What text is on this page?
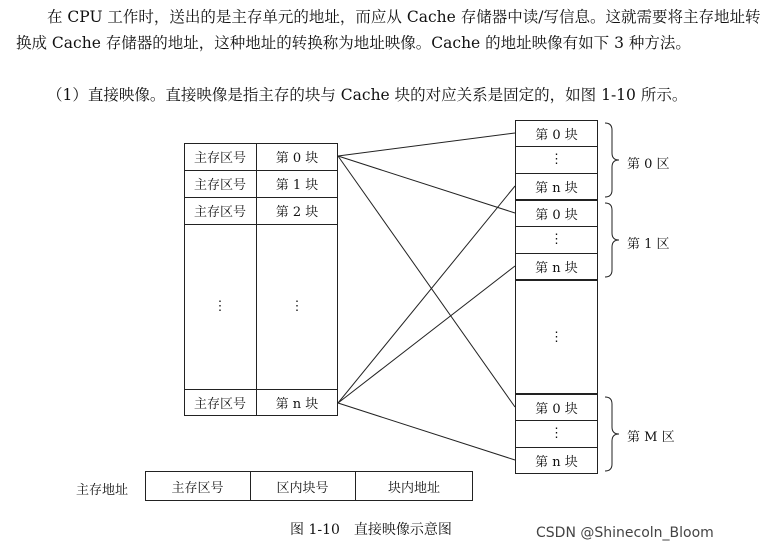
在 CPU 工作时，送出的是主存单元的地址，而应从 Cache 存储器中读/写信息。这就需要将主存地址转换成 Cache 存储器的地址，这种地址的转换称为地址映像。Cache 的地址映像有如下 3 种方法。

（1）直接映像。直接映像是指主存的块与 Cache 块的对应关系是固定的，如图 1-10 所示。

主存区号	第 0 块
主存区号	第 1 块
主存区号	第 2 块
⋮	⋮
主存区号	第 n 块
第 0 块
⋮
第 n 块
第 0 块
⋮
第 n 块
⋮
第 0 块
⋮
第 n 块
第 0 区
第 1 区
第 M 区
主存地址	主存区号	区内块号	块内地址
图 1-10　直接映像示意图	CSDN @Shinecoln_Bloom
